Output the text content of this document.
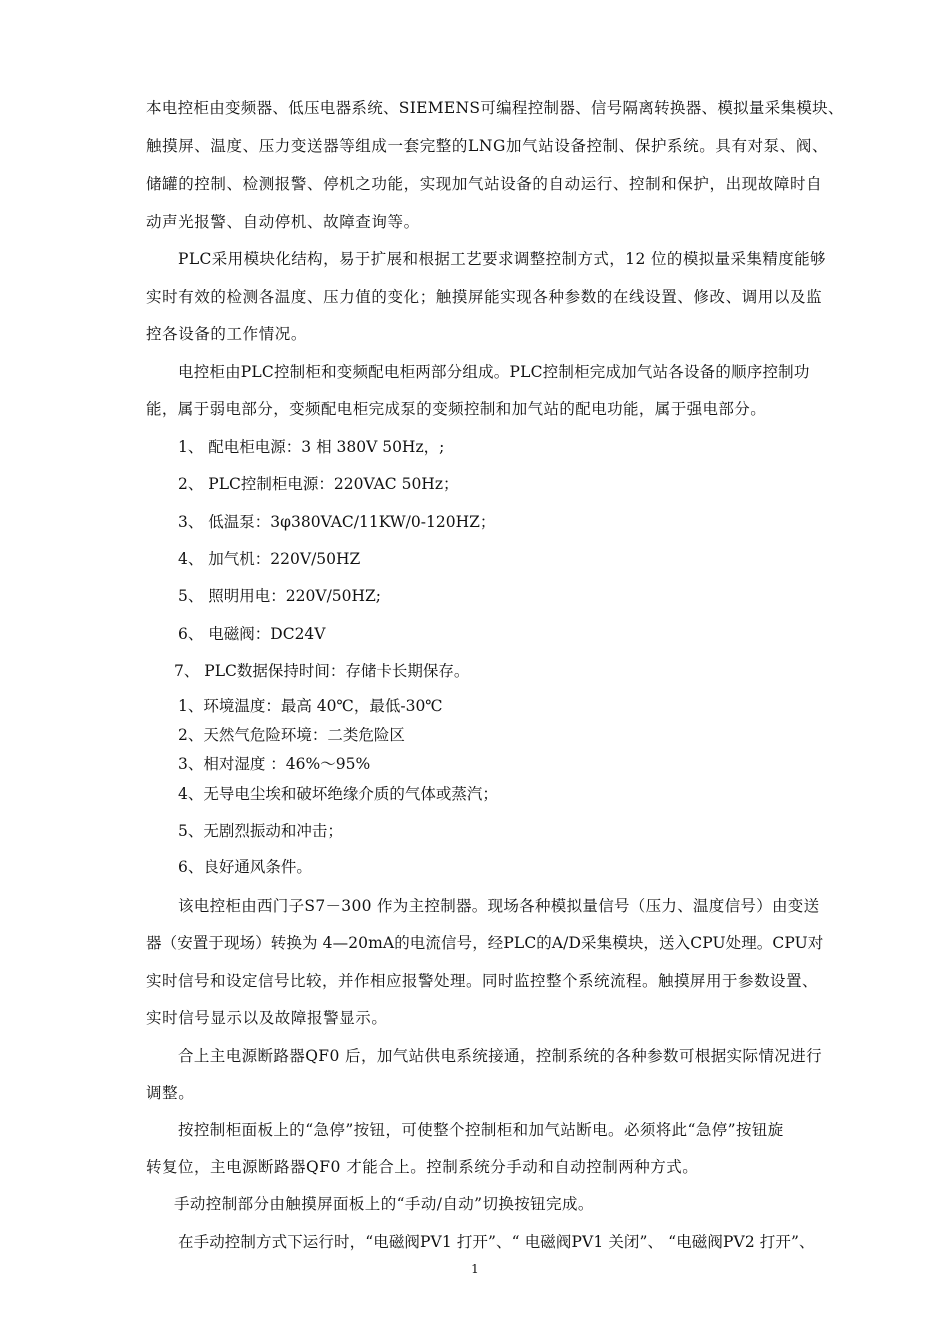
本电控柜由变频器、低压电器系统、SIEMENS可编程控制器、信号隔离转换器、模拟量采集模块、
触摸屏、温度、压力变送器等组成一套完整的LNG加气站设备控制、保护系统。具有对泵、阀、
储罐的控制、检测报警、停机之功能，实现加气站设备的自动运行、控制和保护，出现故障时自
动声光报警、自动停机、故障查询等。
PLC采用模块化结构，易于扩展和根据工艺要求调整控制方式，12 位的模拟量采集精度能够
实时有效的检测各温度、压力值的变化；触摸屏能实现各种参数的在线设置、修改、调用以及监
控各设备的工作情况。
电控柜由PLC控制柜和变频配电柜两部分组成。PLC控制柜完成加气站各设备的顺序控制功
能，属于弱电部分，变频配电柜完成泵的变频控制和加气站的配电功能，属于强电部分。
1、 配电柜电源：3 相 380V 50Hz，;
2、 PLC控制柜电源：220VAC 50Hz；
3、 低温泵：3φ380VAC/11KW/0-120HZ；
4、 加气机：220V/50HZ
5、 照明用电：220V/50HZ;
6、 电磁阀：DC24V
7、 PLC数据保持时间：存储卡长期保存。
1、环境温度：最高 40℃，最低-30℃
2、天然气危险环境：二类危险区
3、相对湿度 ：46%～95%
4、无导电尘埃和破坏绝缘介质的气体或蒸汽；
5、无剧烈振动和冲击；
6、良好通风条件。
该电控柜由西门子S7－300 作为主控制器。现场各种模拟量信号（压力、温度信号）由变送
器（安置于现场）转换为 4—20mA的电流信号，经PLC的A/D采集模块，送入CPU处理。CPU对
实时信号和设定信号比较，并作相应报警处理。同时监控整个系统流程。触摸屏用于参数设置、
实时信号显示以及故障报警显示。
合上主电源断路器QF0 后，加气站供电系统接通，控制系统的各种参数可根据实际情况进行
调整。
按控制柜面板上的“急停”按钮，可使整个控制柜和加气站断电。必须将此“急停”按钮旋
转复位，主电源断路器QF0 才能合上。控制系统分手动和自动控制两种方式。
手动控制部分由触摸屏面板上的“手动/自动”切换按钮完成。
在手动控制方式下运行时，“电磁阀PV1 打开”、“ 电磁阀PV1 关闭”、 “电磁阀PV2 打开”、
1
